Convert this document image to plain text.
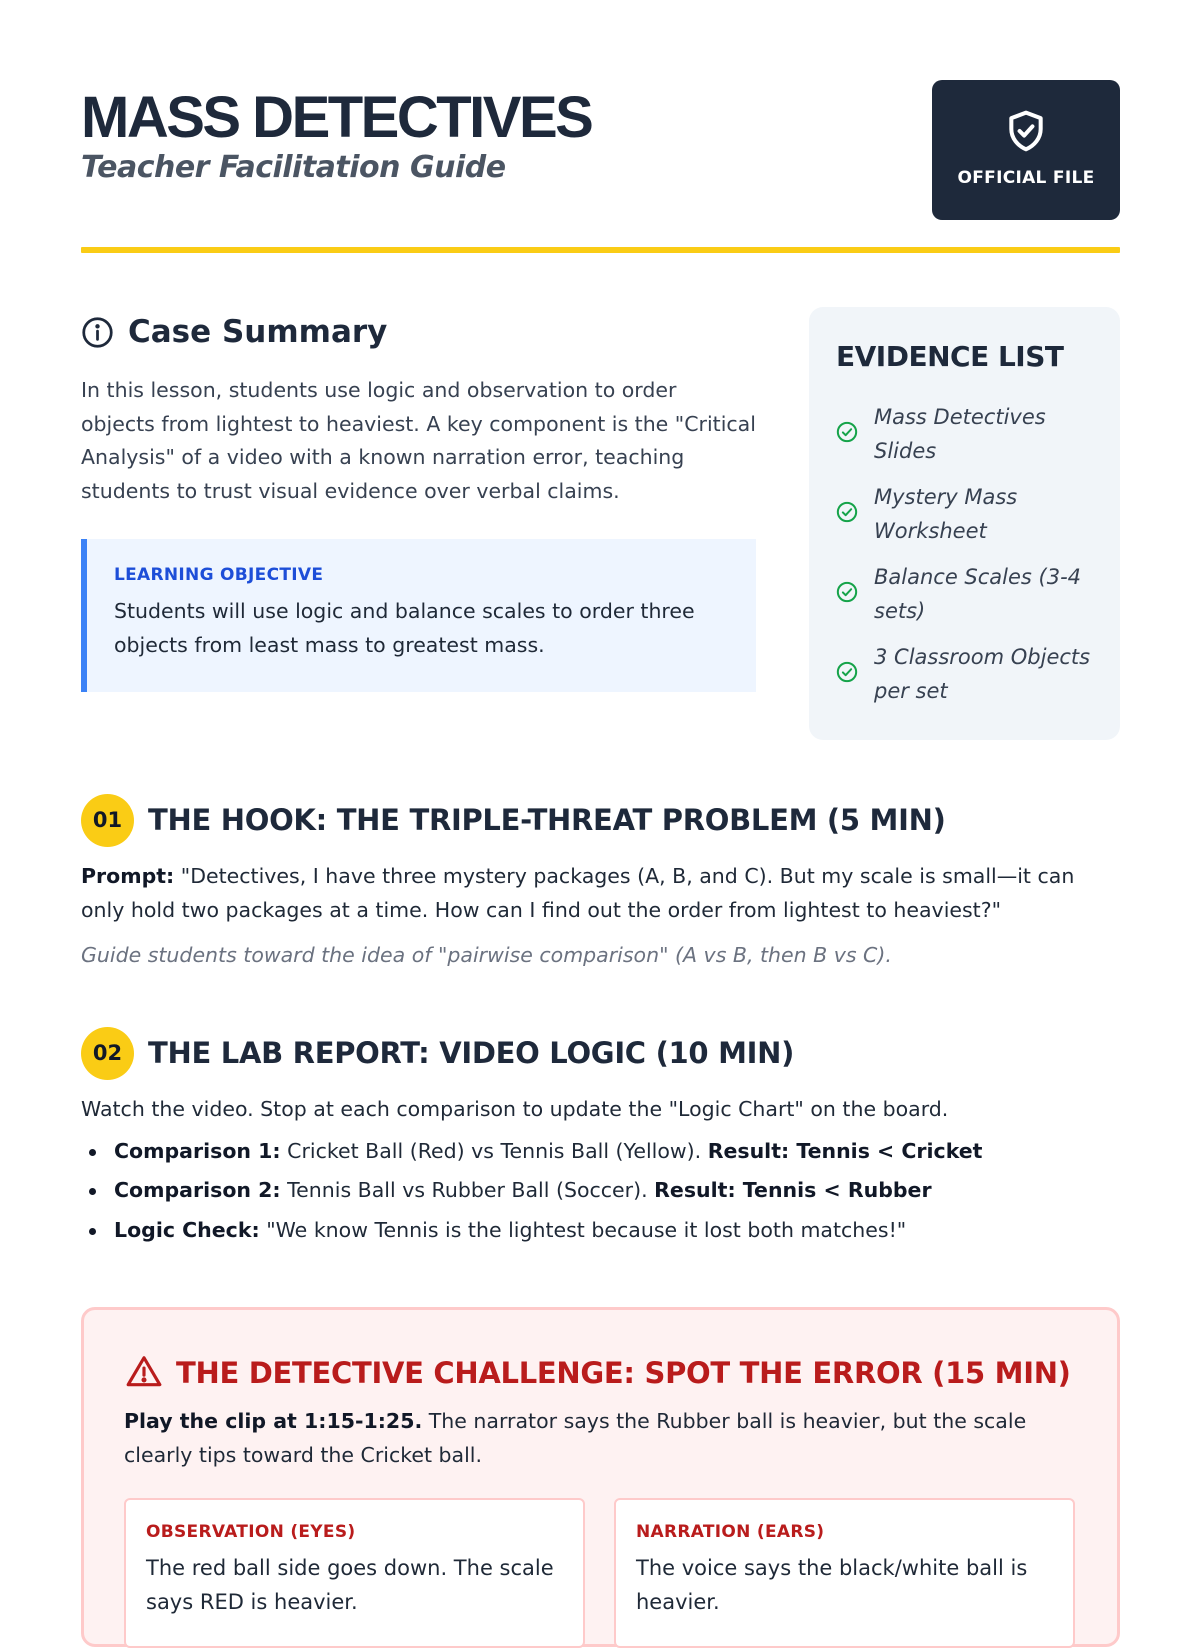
MASS DETECTIVES
Teacher Facilitation Guide	OFFICIAL FILE
Case Summary

In this lesson, students use logic and observation to order objects from lightest to heaviest. A key component is the "Critical Analysis" of a video with a known narration error, teaching students to trust visual evidence over verbal claims.

LEARNING OBJECTIVE
Students will use logic and balance scales to order three objects from least mass to greatest mass.
EVIDENCE LIST
Mass Detectives Slides
Mystery Mass Worksheet
Balance Scales (3-4 sets)
3 Classroom Objects per set
01 THE HOOK: THE TRIPLE-THREAT PROBLEM (5 MIN)
Prompt: "Detectives, I have three mystery packages (A, B, and C). But my scale is small—it can only hold two packages at a time. How can I find out the order from lightest to heaviest?"
Guide students toward the idea of "pairwise comparison" (A vs B, then B vs C).
02 THE LAB REPORT: VIDEO LOGIC (10 MIN)
Watch the video. Stop at each comparison to update the "Logic Chart" on the board.
Comparison 1: Cricket Ball (Red) vs Tennis Ball (Yellow). Result: Tennis < Cricket
Comparison 2: Tennis Ball vs Rubber Ball (Soccer). Result: Tennis < Rubber
Logic Check: "We know Tennis is the lightest because it lost both matches!"
THE DETECTIVE CHALLENGE: SPOT THE ERROR (15 MIN)
Play the clip at 1:15-1:25. The narrator says the Rubber ball is heavier, but the scale clearly tips toward the Cricket ball.
OBSERVATION (EYES)
The red ball side goes down. The scale says RED is heavier.
NARRATION (EARS)
The voice says the black/white ball is heavier.
